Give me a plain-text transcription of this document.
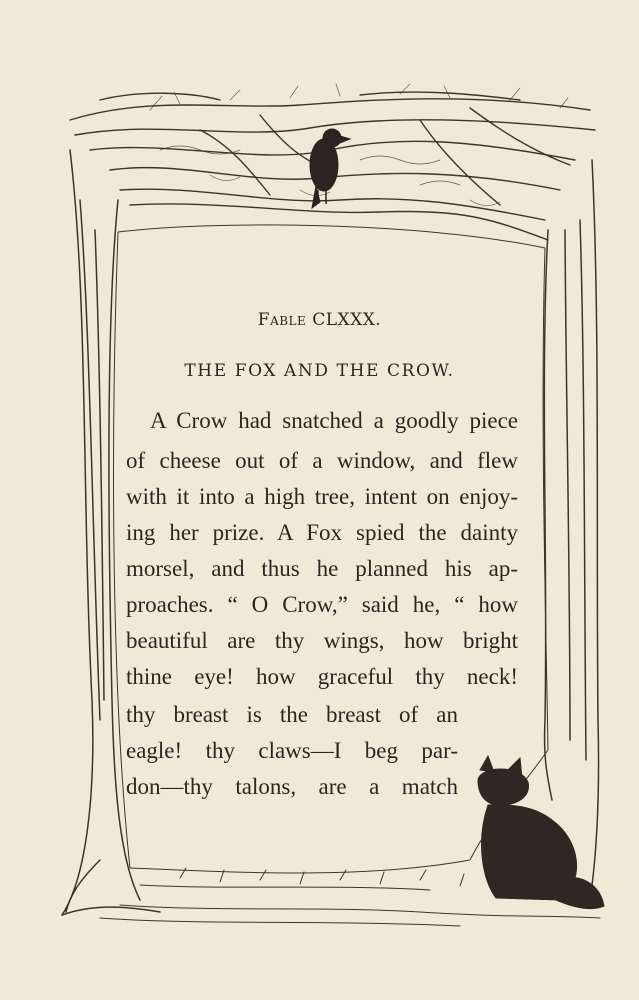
Fable CLXXX.
THE FOX AND THE CROW.
A Crow had snatched a goodly piece
of cheese out of a window, and flew
with it into a high tree, intent on enjoy-
ing her prize. A Fox spied the dainty
morsel, and thus he planned his ap-
proaches. “ O Crow,” said he, “ how
beautiful are thy wings, how bright
thine eye! how graceful thy neck!
thy breast is the breast of an
eagle! thy claws—I beg par-
don—thy talons, are a match
